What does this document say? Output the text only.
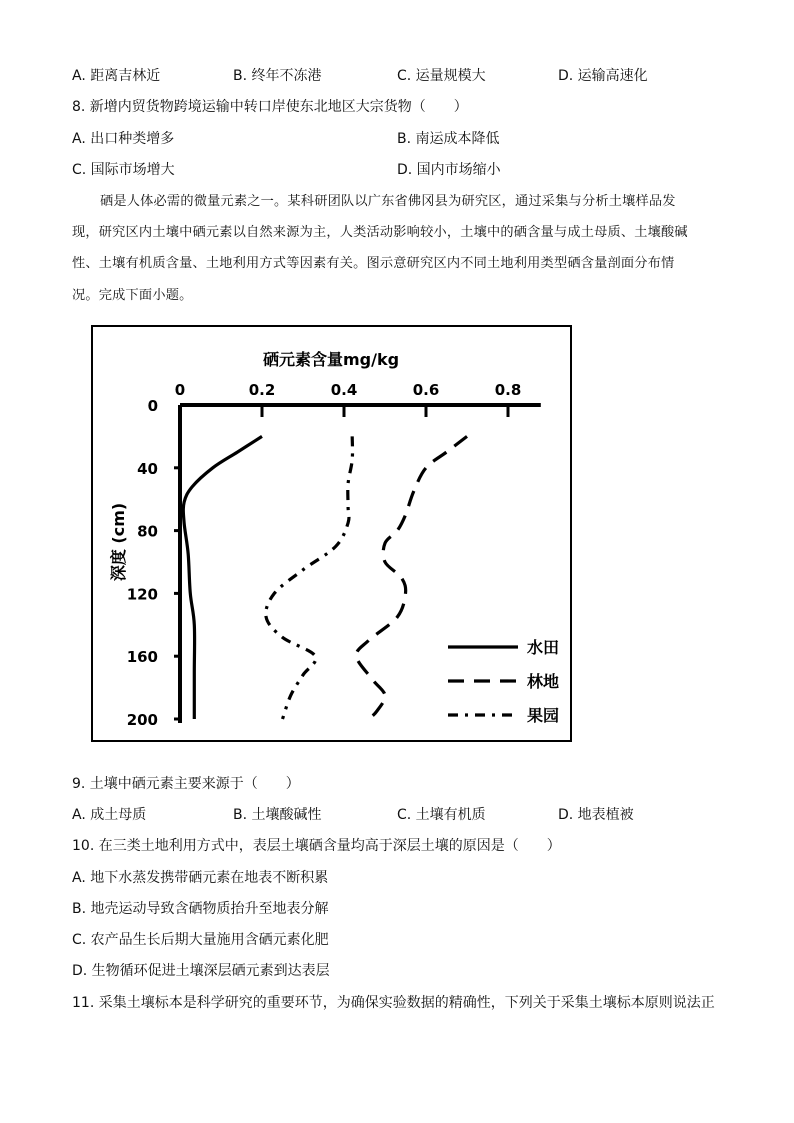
A. 距离吉林近	B. 终年不冻港	C. 运量规模大	D. 运输高速化
8. 新增内贸货物跨境运输中转口岸使东北地区大宗货物（　　）
A. 出口种类增多	B. 南运成本降低
C. 国际市场增大	D. 国内市场缩小
硒是人体必需的微量元素之一。某科研团队以广东省佛冈县为研究区，通过采集与分析土壤样品发
现，研究区内土壤中硒元素以自然来源为主，人类活动影响较小，土壤中的硒含量与成土母质、土壤酸碱
性、土壤有机质含量、土地利用方式等因素有关。图示意研究区内不同土地利用类型硒含量剖面分布情
况。完成下面小题。
硒元素含量mg/kg
深度 (cm)
0	0.2	0.4	0.6	0.8
0
40
80
120
160
200
水田
林地
果园
9. 土壤中硒元素主要来源于（　　）
A. 成土母质	B. 土壤酸碱性	C. 土壤有机质	D. 地表植被
10. 在三类土地利用方式中，表层土壤硒含量均高于深层土壤的原因是（　　）
A. 地下水蒸发携带硒元素在地表不断积累
B. 地壳运动导致含硒物质抬升至地表分解
C. 农产品生长后期大量施用含硒元素化肥
D. 生物循环促进土壤深层硒元素到达表层
11. 采集土壤标本是科学研究的重要环节，为确保实验数据的精确性，下列关于采集土壤标本原则说法正
